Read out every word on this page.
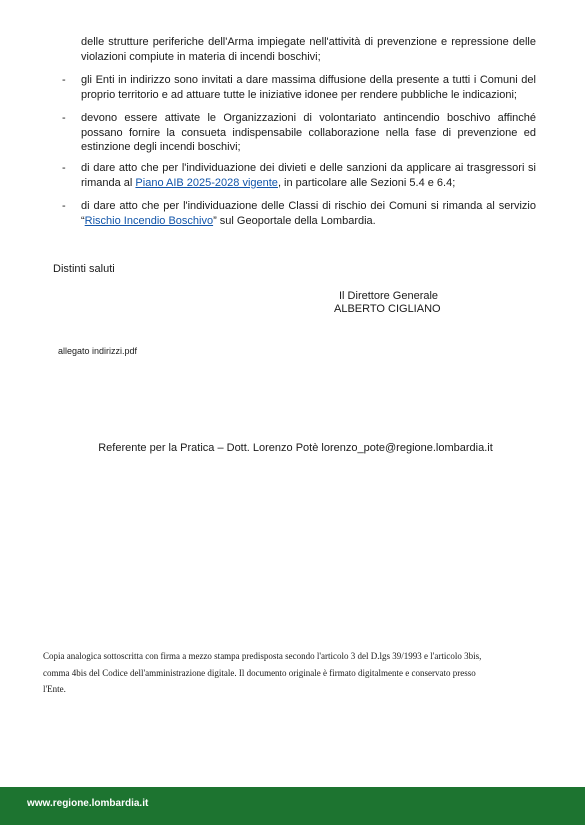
delle strutture periferiche dell'Arma impiegate nell'attività di prevenzione e repressione delle violazioni compiute in materia di incendi boschivi;

- gli Enti in indirizzo sono invitati a dare massima diffusione della presente a tutti i Comuni del proprio territorio e ad attuare tutte le iniziative idonee per rendere pubbliche le indicazioni;

- devono essere attivate le Organizzazioni di volontariato antincendio boschivo affinché possano fornire la consueta indispensabile collaborazione nella fase di prevenzione ed estinzione degli incendi boschivi;

- di dare atto che per l'individuazione dei divieti e delle sanzioni da applicare ai trasgressori si rimanda al Piano AIB 2025-2028 vigente, in particolare alle Sezioni 5.4 e 6.4;

- di dare atto che per l'individuazione delle Classi di rischio dei Comuni si rimanda al servizio “Rischio Incendio Boschivo” sul Geoportale della Lombardia.

Distinti saluti
Il Direttore Generale
ALBERTO CIGLIANO
allegato indirizzi.pdf
Referente per la Pratica – Dott. Lorenzo Potè lorenzo_pote@regione.lombardia.it

Copia analogica sottoscritta con firma a mezzo stampa predisposta secondo l'articolo 3 del D.lgs 39/1993 e l'articolo 3bis, comma 4bis del Codice dell'amministrazione digitale. Il documento originale è firmato digitalmente e conservato presso l'Ente.

www.regione.lombardia.it
